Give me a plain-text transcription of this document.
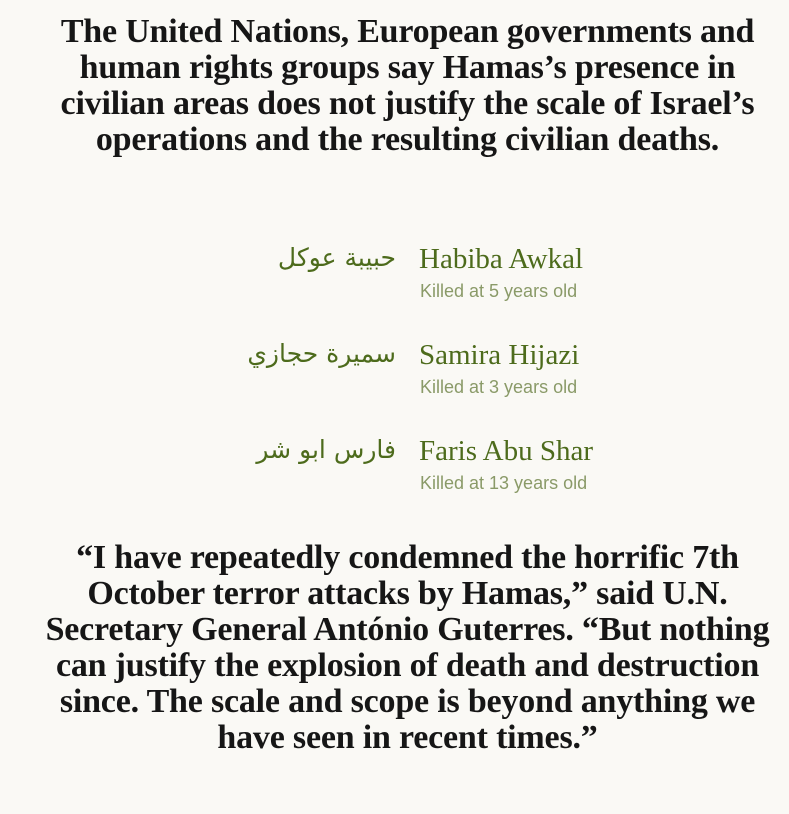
The United Nations, European governments and human rights groups say Hamas’s presence in civilian areas does not justify the scale of Israel’s operations and the resulting civilian deaths.

حبيبة عوكل Habiba Awkal
Killed at 5 years old
سميرة حجازي Samira Hijazi
Killed at 3 years old
فارس ابو شر Faris Abu Shar
Killed at 13 years old

“I have repeatedly condemned the horrific 7th October terror attacks by Hamas,” said U.N. Secretary General António Guterres. “But nothing can justify the explosion of death and destruction since. The scale and scope is beyond anything we have seen in recent times.”
